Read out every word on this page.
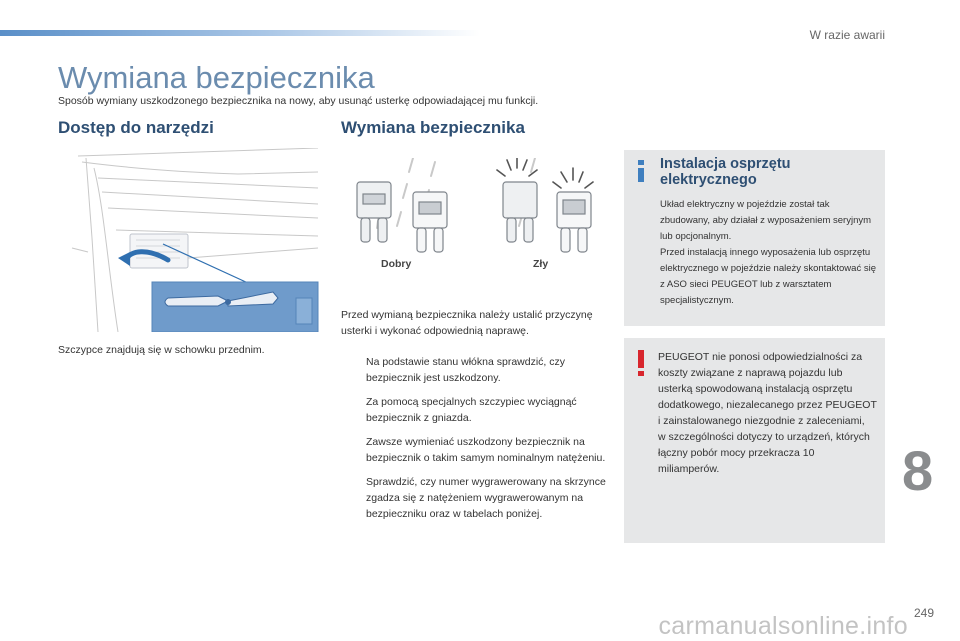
W razie awarii
Wymiana bezpiecznika
Sposób wymiany uszkodzonego bezpiecznika na nowy, aby usunąć usterkę odpowiadającej mu funkcji.
Dostęp do narzędzi	Wymiana bezpiecznika
Szczypce znajdują się w schowku przednim.
Dobry	Zły
Przed wymianą bezpiecznika należy ustalić przyczynę usterki i wykonać odpowiednią naprawę.
Na podstawie stanu włókna sprawdzić, czy bezpiecznik jest uszkodzony.
Za pomocą specjalnych szczypiec wyciągnąć bezpiecznik z gniazda.
Zawsze wymieniać uszkodzony bezpiecznik na bezpiecznik o takim samym nominalnym natężeniu.
Sprawdzić, czy numer wygrawerowany na skrzynce zgadza się z natężeniem wygrawerowanym na bezpieczniku oraz w tabelach poniżej.
Instalacja osprzętu elektrycznego
Układ elektryczny w pojeździe został tak zbudowany, aby działał z wyposażeniem seryjnym lub opcjonalnym.
Przed instalacją innego wyposażenia lub osprzętu elektrycznego w pojeździe należy skontaktować się z ASO sieci PEUGEOT lub z warsztatem specjalistycznym.
PEUGEOT nie ponosi odpowiedzialności za koszty związane z naprawą pojazdu lub usterką spowodowaną instalacją osprzętu dodatkowego, niezalecanego przez PEUGEOT i zainstalowanego niezgodnie z zaleceniami,
w szczególności dotyczy to urządzeń, których łączny pobór mocy przekracza 10 miliamperów.	8
249
carmanualsonline.info
